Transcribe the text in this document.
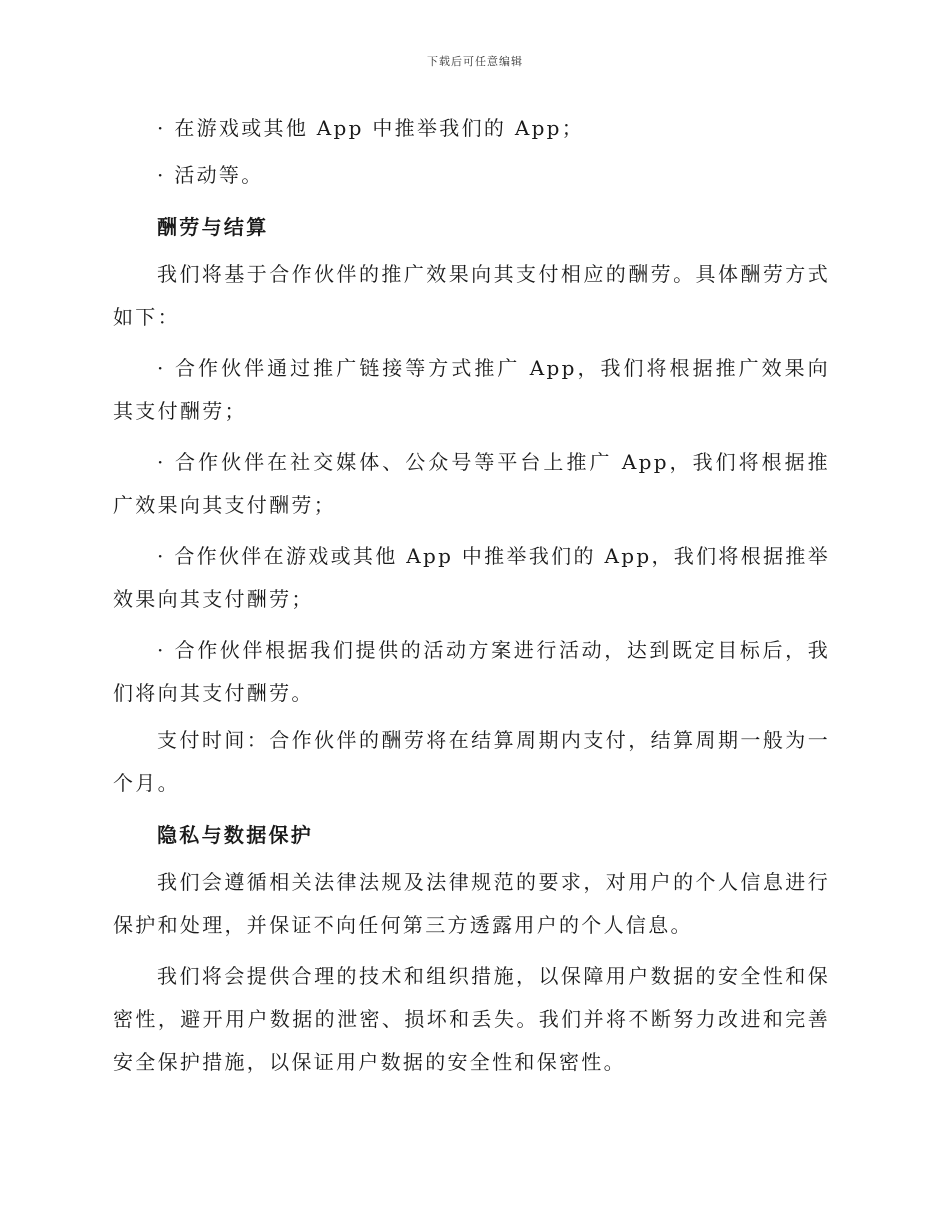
下载后可任意编辑

· 在游戏或其他 App 中推举我们的 App；

· 活动等。

酬劳与结算

我们将基于合作伙伴的推广效果向其支付相应的酬劳。具体酬劳方式如下：

· 合作伙伴通过推广链接等方式推广 App，我们将根据推广效果向其支付酬劳；

· 合作伙伴在社交媒体、公众号等平台上推广 App，我们将根据推广效果向其支付酬劳；

· 合作伙伴在游戏或其他 App 中推举我们的 App，我们将根据推举效果向其支付酬劳；

· 合作伙伴根据我们提供的活动方案进行活动，达到既定目标后，我们将向其支付酬劳。

支付时间：合作伙伴的酬劳将在结算周期内支付，结算周期一般为一个月。

隐私与数据保护

我们会遵循相关法律法规及法律规范的要求，对用户的个人信息进行保护和处理，并保证不向任何第三方透露用户的个人信息。

我们将会提供合理的技术和组织措施，以保障用户数据的安全性和保密性，避开用户数据的泄密、损坏和丢失。我们并将不断努力改进和完善安全保护措施，以保证用户数据的安全性和保密性。
